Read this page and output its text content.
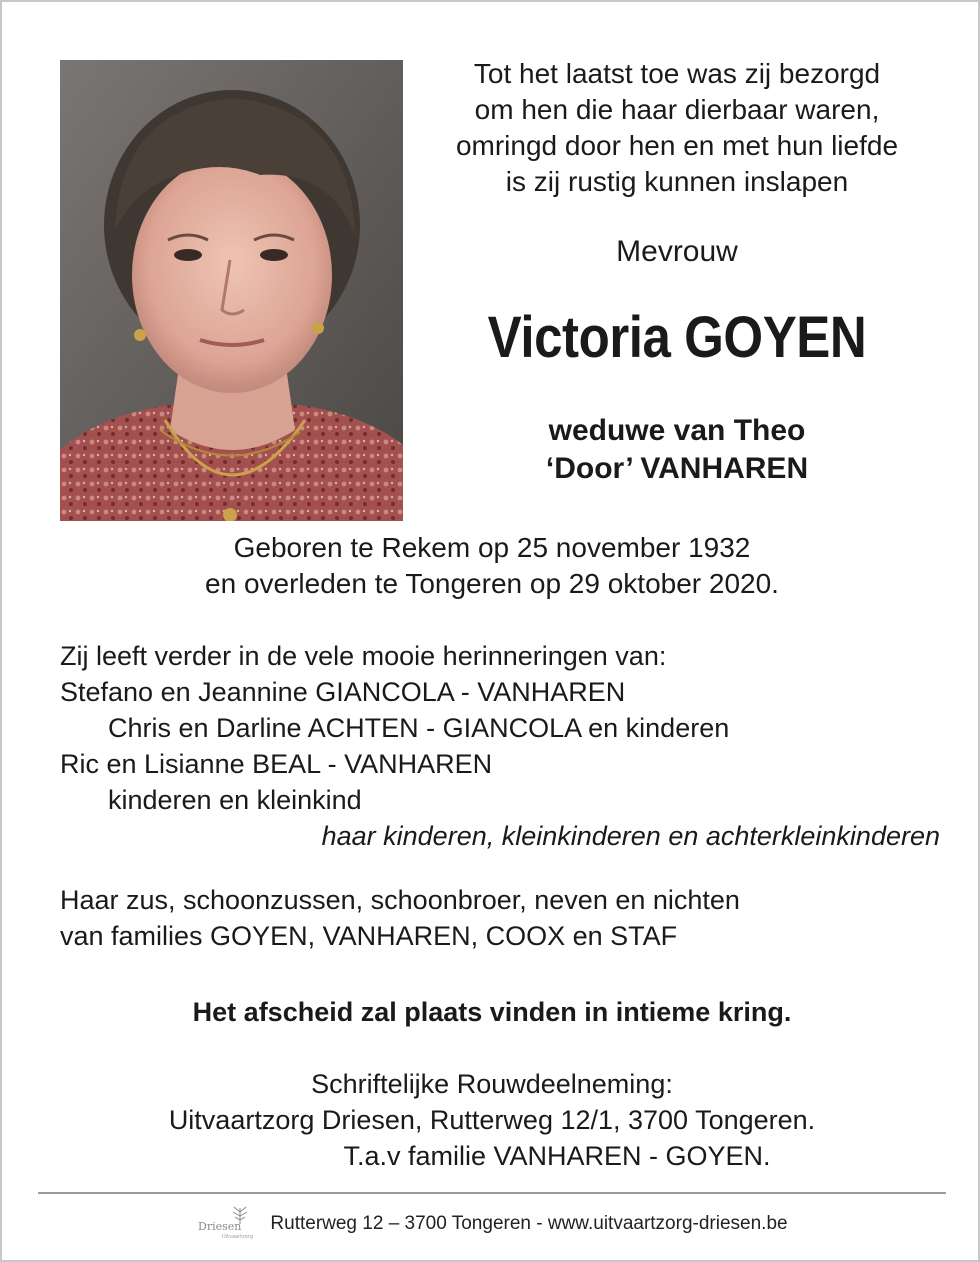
Tot het laatst toe was zij bezorgd
om hen die haar dierbaar waren,
omringd door hen en met hun liefde
is zij rustig kunnen inslapen
Mevrouw
Victoria GOYEN
weduwe van Theo
‘Door’ VANHAREN
Geboren te Rekem op 25 november 1932
en overleden te Tongeren op 29 oktober 2020.
Zij leeft verder in de vele mooie herinneringen van:
Stefano en Jeannine GIANCOLA - VANHAREN
Chris en Darline ACHTEN - GIANCOLA en kinderen
Ric en Lisianne BEAL - VANHAREN
kinderen en kleinkind
haar kinderen, kleinkinderen en achterkleinkinderen
Haar zus, schoonzussen, schoonbroer, neven en nichten
van families GOYEN, VANHAREN, COOX en STAF
Het afscheid zal plaats vinden in intieme kring.
Schriftelijke Rouwdeelneming:
Uitvaartzorg Driesen, Rutterweg 12/1, 3700 Tongeren.
T.a.v familie VANHAREN - GOYEN.
Driesen
Uitvaartzorg
Rutterweg 12 – 3700 Tongeren - www.uitvaartzorg-driesen.be
